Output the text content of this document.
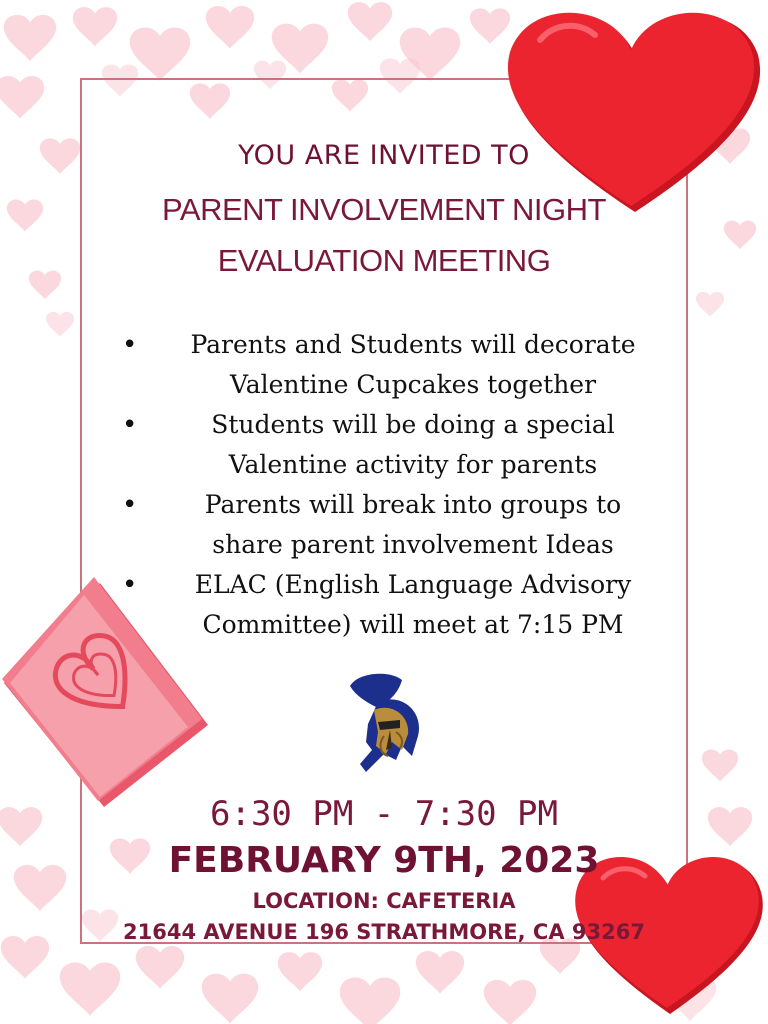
YOU ARE INVITED TO
PARENT INVOLVEMENT NIGHT
EVALUATION MEETING
• Parents and Students will decorate
Valentine Cupcakes together
• Students will be doing a special
Valentine activity for parents
• Parents will break into groups to
share parent involvement Ideas
• ELAC (English Language Advisory
Committee) will meet at 7:15 PM
6:30 PM - 7:30 PM
FEBRUARY 9TH, 2023
LOCATION: CAFETERIA
21644 AVENUE 196 STRATHMORE, CA 93267
